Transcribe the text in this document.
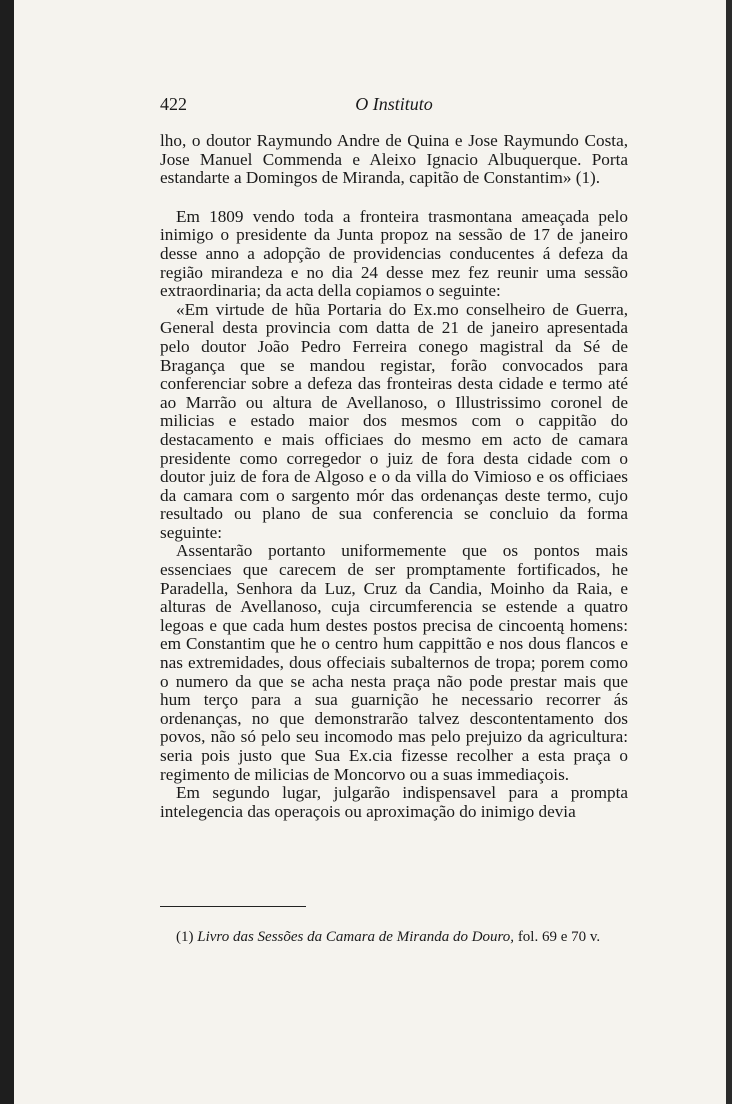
422	O Instituto

lho, o doutor Raymundo Andre de Quina e Jose Raymundo Costa, Jose Manuel Commenda e Aleixo Ignacio Albuquerque. Porta estandarte a Domingos de Miranda, capitão de Constantim» (1).

Em 1809 vendo toda a fronteira trasmontana ameaçada pelo inimigo o presidente da Junta propoz na sessão de 17 de janeiro desse anno a adopção de providencias conducentes á defeza da região mirandeza e no dia 24 desse mez fez reunir uma sessão extraordinaria; da acta della copiamos o seguinte:

«Em virtude de hũa Portaria do Ex.mo conselheiro de Guerra, General desta provincia com datta de 21 de janeiro apresentada pelo doutor João Pedro Ferreira conego magistral da Sé de Bragança que se mandou registar, forão convocados para conferenciar sobre a defeza das fronteiras desta cidade e termo até ao Marrão ou altura de Avellanoso, o Illustrissimo coronel de milicias e estado maior dos mesmos com o cappitão do destacamento e mais officiaes do mesmo em acto de camara presidente como corregedor o juiz de fora desta cidade com o doutor juiz de fora de Algoso e o da villa do Vimioso e os officiaes da camara com o sargento mór das ordenanças deste termo, cujo resultado ou plano de sua conferencia se concluio da forma seguinte:

Assentarão portanto uniformemente que os pontos mais essenciaes que carecem de ser promptamente fortificados, he Paradella, Senhora da Luz, Cruz da Candia, Moinho da Raia, e alturas de Avellanoso, cuja circumferencia se estende a quatro legoas e que cada hum destes postos precisa de cincoentą homens: em Constantim que he o centro hum cappittão e nos dous flancos e nas extremidades, dous offeciais subalternos de tropa; porem como o numero da que se acha nesta praça não pode prestar mais que hum terço para a sua guarnição he necessario recorrer ás ordenanças, no que demonstrarão talvez descontentamento dos povos, não só pelo seu incomodo mas pelo prejuizo da agricultura: seria pois justo que Sua Ex.cia fizesse recolher a esta praça o regimento de milicias de Moncorvo ou a suas immediaçois.

Em segundo lugar, julgarão indispensavel para a prompta intelegencia das operaçois ou aproximação do inimigo devia

(1) Livro das Sessões da Camara de Miranda do Douro, fol. 69 e 70 v.
